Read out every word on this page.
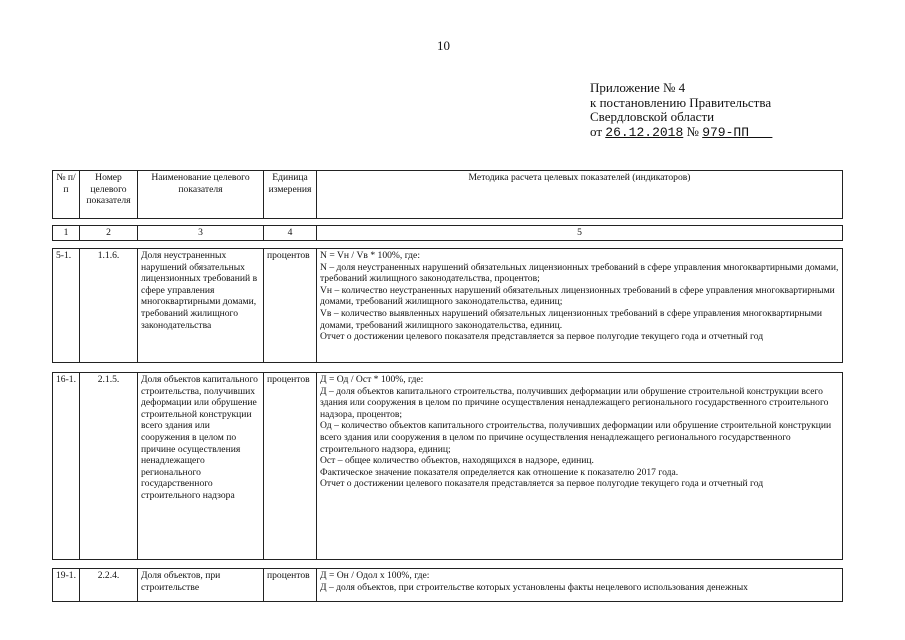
10
Приложение № 4
к постановлению Правительства
Свердловской области
от 26.12.2018 № 979-ПП
№ п/п	Номер целевого показателя	Наименование целевого показателя	Единица измерения	Методика расчета целевых показателей (индикаторов)
1	2	3	4	5
5-1.	1.1.6.	Доля неустраненных нарушений обязательных лицензионных требований в сфере управления многоквартирными домами, требований жилищного законодательства	процентов	N = Vн / Vв * 100%, где:

N – доля неустраненных нарушений обязательных лицензионных требований в сфере управления многоквартирными домами, требований жилищного законодательства, процентов;

Vн – количество неустраненных нарушений обязательных лицензионных требований в сфере управления многоквартирными домами, требований жилищного законодательства, единиц;

Vв – количество выявленных нарушений обязательных лицензионных требований в сфере управления многоквартирными домами, требований жилищного законодательства, единиц.

Отчет о достижении целевого показателя представляется за первое полугодие текущего года и отчетный год

16-1.	2.1.5.	Доля объектов капитального строительства, получивших деформации или обрушение строительной конструкции всего здания или сооружения в целом по причине осуществления ненадлежащего регионального государственного строительного надзора	процентов	Д = Од / Ост * 100%, где:

Д – доля объектов капитального строительства, получивших деформации или обрушение строительной конструкции всего здания или сооружения в целом по причине осуществления ненадлежащего регионального государственного строительного надзора, процентов;

Од – количество объектов капитального строительства, получивших деформации или обрушение строительной конструкции всего здания или сооружения в целом по причине осуществления ненадлежащего регионального государственного строительного надзора, единиц;

Ост – общее количество объектов, находящихся в надзоре, единиц.

Фактическое значение показателя определяется как отношение к показателю 2017 года.

Отчет о достижении целевого показателя представляется за первое полугодие текущего года и отчетный год

19-1.	2.2.4.	Доля объектов, при строительстве	процентов	Д = Он / Одол x 100%, где:

Д – доля объектов, при строительстве которых установлены факты нецелевого использования денежных
